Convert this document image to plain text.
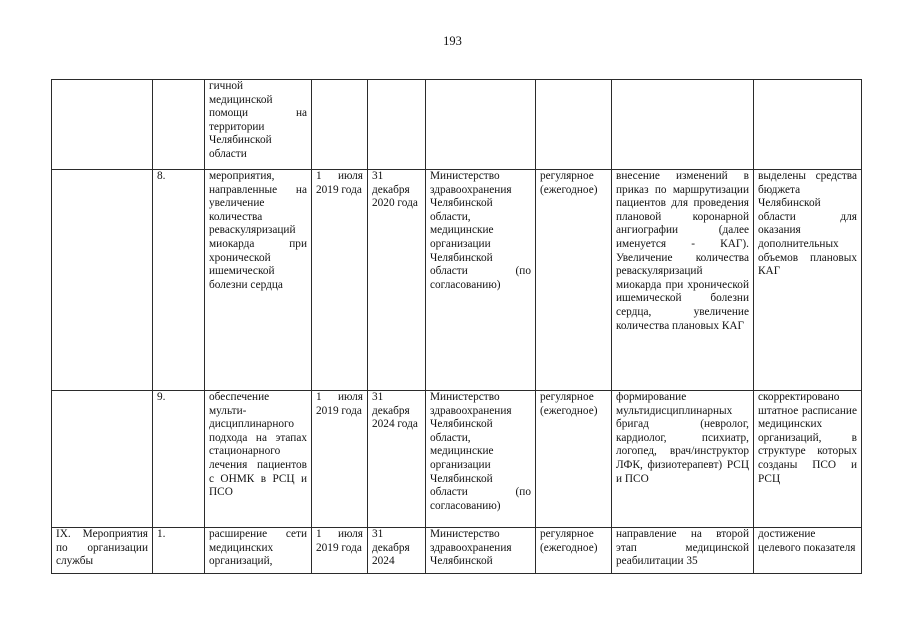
193
		гичной медицинской помощи на территории Челябинской области						
	8.	мероприятия, направленные на увеличение количества реваскуляризаций миокарда при хронической ишемической болезни сердца	1 июля 2019 года	31 декабря 2020 года	Министерство здравоохранения Челябинской области, медицинские организации Челябинской области (по согласованию)	регулярное (ежегодное)	внесение изменений в приказ по маршрутизации пациентов для проведения плановой коронарной ангиографии (далее именуется - КАГ). Увеличение количества реваскуляризаций миокарда при хронической ишемической болезни сердца, увеличение количества плановых КАГ	выделены средства бюджета Челябинской области для оказания дополнительных объемов плановых КАГ
	9.	обеспечение мульти-дисциплинарного подхода на этапах стационарного лечения пациентов с ОНМК в РСЦ и ПСО	1 июля 2019 года	31 декабря 2024 года	Министерство здравоохранения Челябинской области, медицинские организации Челябинской области (по согласованию)	регулярное (ежегодное)	формирование мультидисциплинарных бригад (невролог, кардиолог, психиатр, логопед, врач/инструктор ЛФК, физиотерапевт) РСЦ и ПСО	скорректировано штатное расписание медицинских организаций, в структуре которых созданы ПСО и РСЦ
IX. Мероприятия по организации службы	1.	расширение сети медицинских организаций,	1 июля 2019 года	31 декабря 2024	Министерство здравоохранения Челябинской	регулярное (ежегодное)	направление на второй этап медицинской реабилитации 35	достижение целевого показателя
